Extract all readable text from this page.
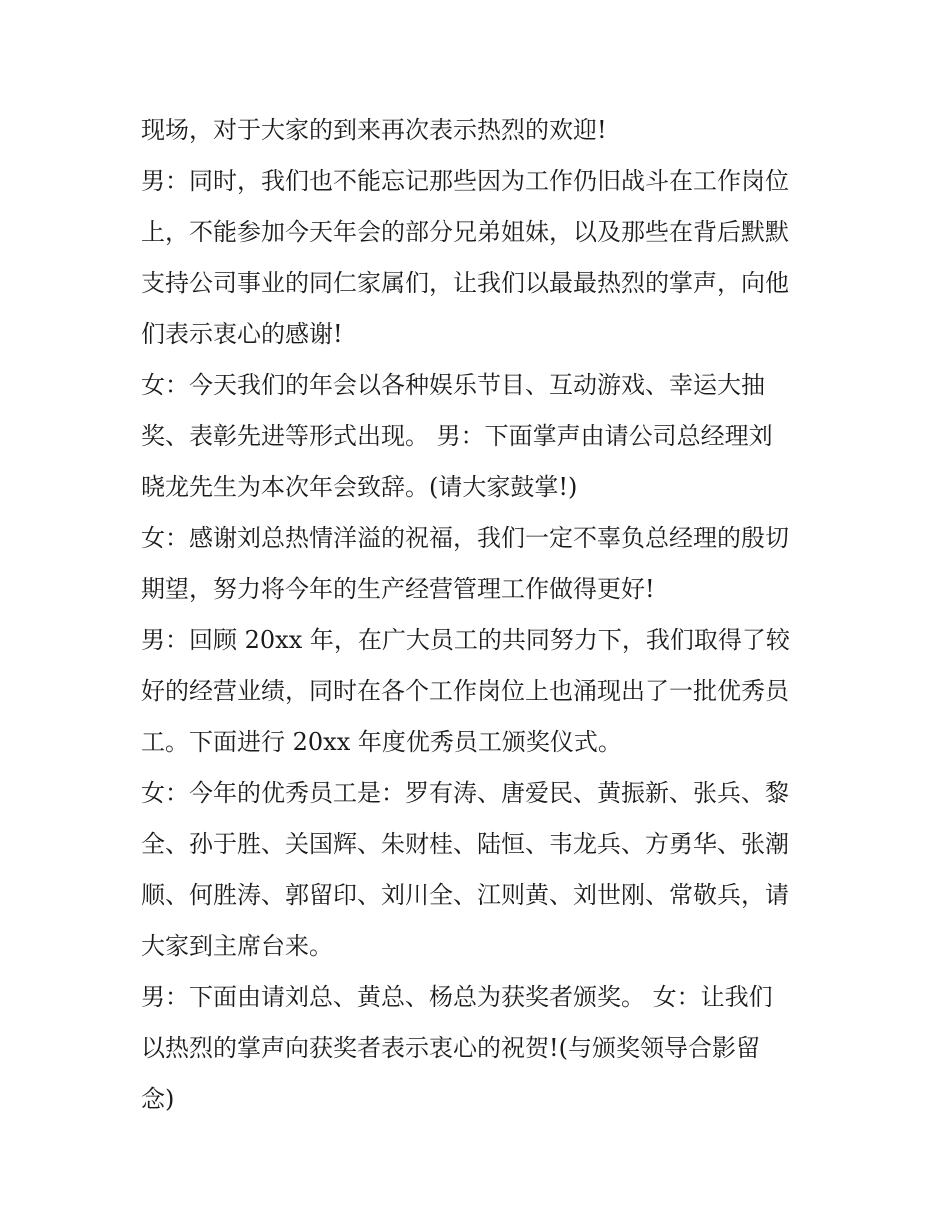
现场，对于大家的到来再次表示热烈的欢迎!

男：同时，我们也不能忘记那些因为工作仍旧战斗在工作岗位

上，不能参加今天年会的部分兄弟姐妹，以及那些在背后默默

支持公司事业的同仁家属们，让我们以最最热烈的掌声，向他

们表示衷心的感谢!

女：今天我们的年会以各种娱乐节目、互动游戏、幸运大抽

奖、表彰先进等形式出现。 男：下面掌声由请公司总经理刘

晓龙先生为本次年会致辞。(请大家鼓掌!)

女：感谢刘总热情洋溢的祝福，我们一定不辜负总经理的殷切

期望，努力将今年的生产经营管理工作做得更好!

男：回顾 20xx 年，在广大员工的共同努力下，我们取得了较

好的经营业绩，同时在各个工作岗位上也涌现出了一批优秀员

工。下面进行 20xx 年度优秀员工颁奖仪式。

女：今年的优秀员工是：罗有涛、唐爱民、黄振新、张兵、黎

全、孙于胜、关国辉、朱财桂、陆恒、韦龙兵、方勇华、张潮

顺、何胜涛、郭留印、刘川全、江则黄、刘世刚、常敬兵，请

大家到主席台来。

男：下面由请刘总、黄总、杨总为获奖者颁奖。 女：让我们

以热烈的掌声向获奖者表示衷心的祝贺!(与颁奖领导合影留

念)
